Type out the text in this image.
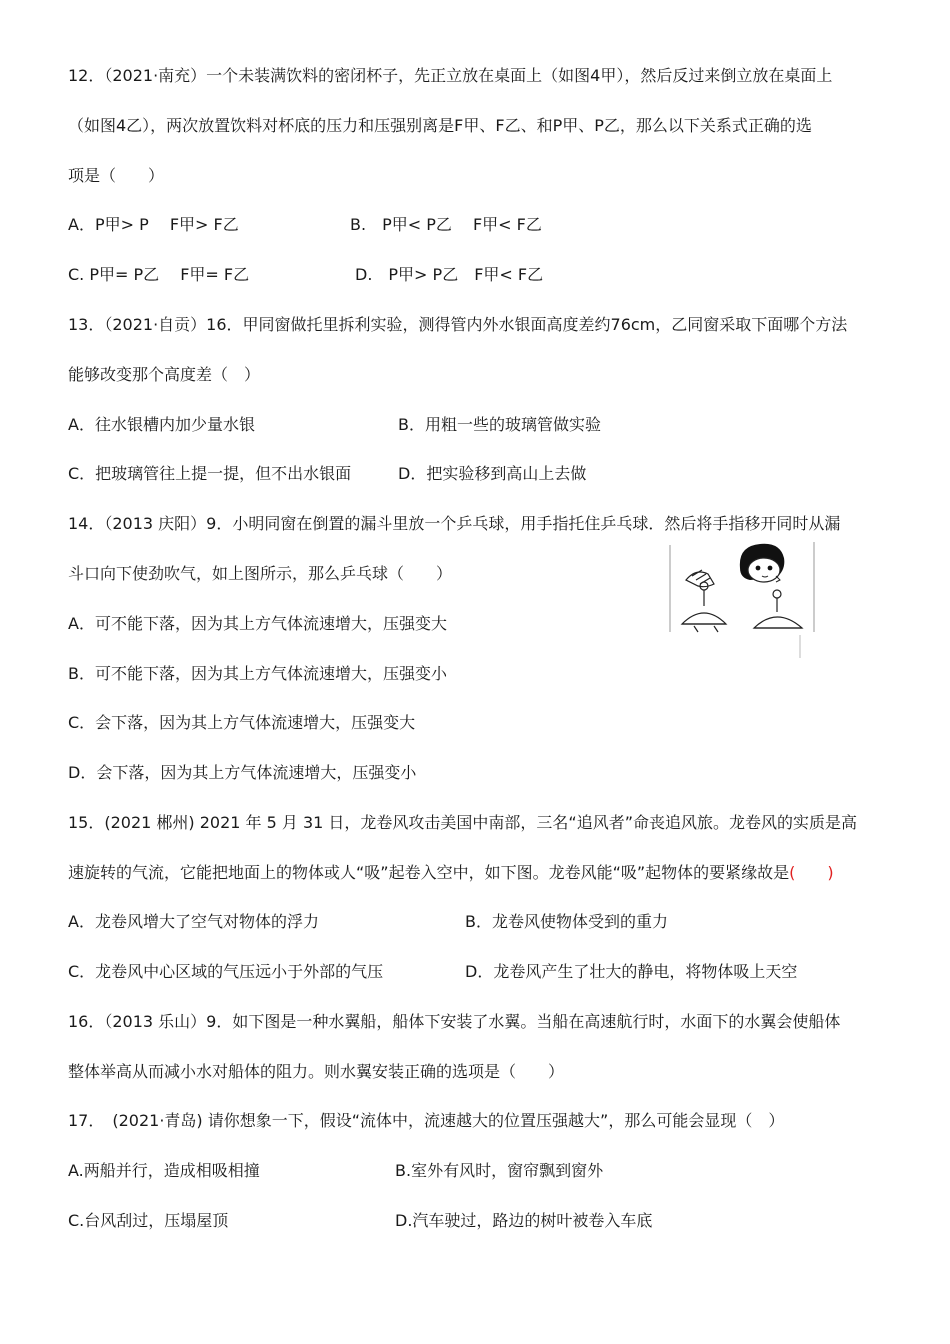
12．（2021·南充）一个未装满饮料的密闭杯子，先正立放在桌面上（如图4甲），然后反过来倒立放在桌面上
（如图4乙），两次放置饮料对杯底的压力和压强别离是F甲、F乙、和P甲、P乙，那么以下关系式正确的选
项是（　　）
A．P甲> P　 F甲> F乙	B.　P甲< P乙　 F甲< F乙
C. P甲= P乙　 F甲= F乙	D.　P甲> P乙　F甲< F乙
13．（2021·自贡）16．甲同窗做托里拆利实验，测得管内外水银面高度差约76cm，乙同窗采取下面哪个方法
能够改变那个高度差（　）
A．往水银槽内加少量水银	B．用粗一些的玻璃管做实验
C．把玻璃管往上提一提，但不出水银面	D．把实验移到高山上去做
14．（2013 庆阳）9．小明同窗在倒置的漏斗里放一个乒乓球，用手指托住乒乓球．然后将手指移开同时从漏
斗口向下使劲吹气，如上图所示，那么乒乓球（　　）
A．可不能下落，因为其上方气体流速增大，压强变大
B．可不能下落，因为其上方气体流速增大，压强变小
C．会下落，因为其上方气体流速增大，压强变大
D．会下落，因为其上方气体流速增大，压强变小
15．(2021 郴州) 2021 年 5 月 31 日，龙卷风攻击美国中南部，三名“追风者”命丧追风旅。龙卷风的实质是高
速旋转的气流，它能把地面上的物体或人“吸”起卷入空中，如下图。龙卷风能“吸”起物体的要紧缘故是(　　)
A．龙卷风增大了空气对物体的浮力	B．龙卷风使物体受到的重力
C．龙卷风中心区域的气压远小于外部的气压	D．龙卷风产生了壮大的静电，将物体吸上天空
16．（2013 乐山）9．如下图是一种水翼船，船体下安装了水翼。当船在高速航行时，水面下的水翼会使船体
整体举高从而减小水对船体的阻力。则水翼安装正确的选项是（　　）
17．　(2021·青岛) 请你想象一下，假设“流体中，流速越大的位置压强越大”，那么可能会显现（　）
A.两船并行，造成相吸相撞	B.室外有风时，窗帘飘到窗外
C.台风刮过，压塌屋顶	D.汽车驶过，路边的树叶被卷入车底
